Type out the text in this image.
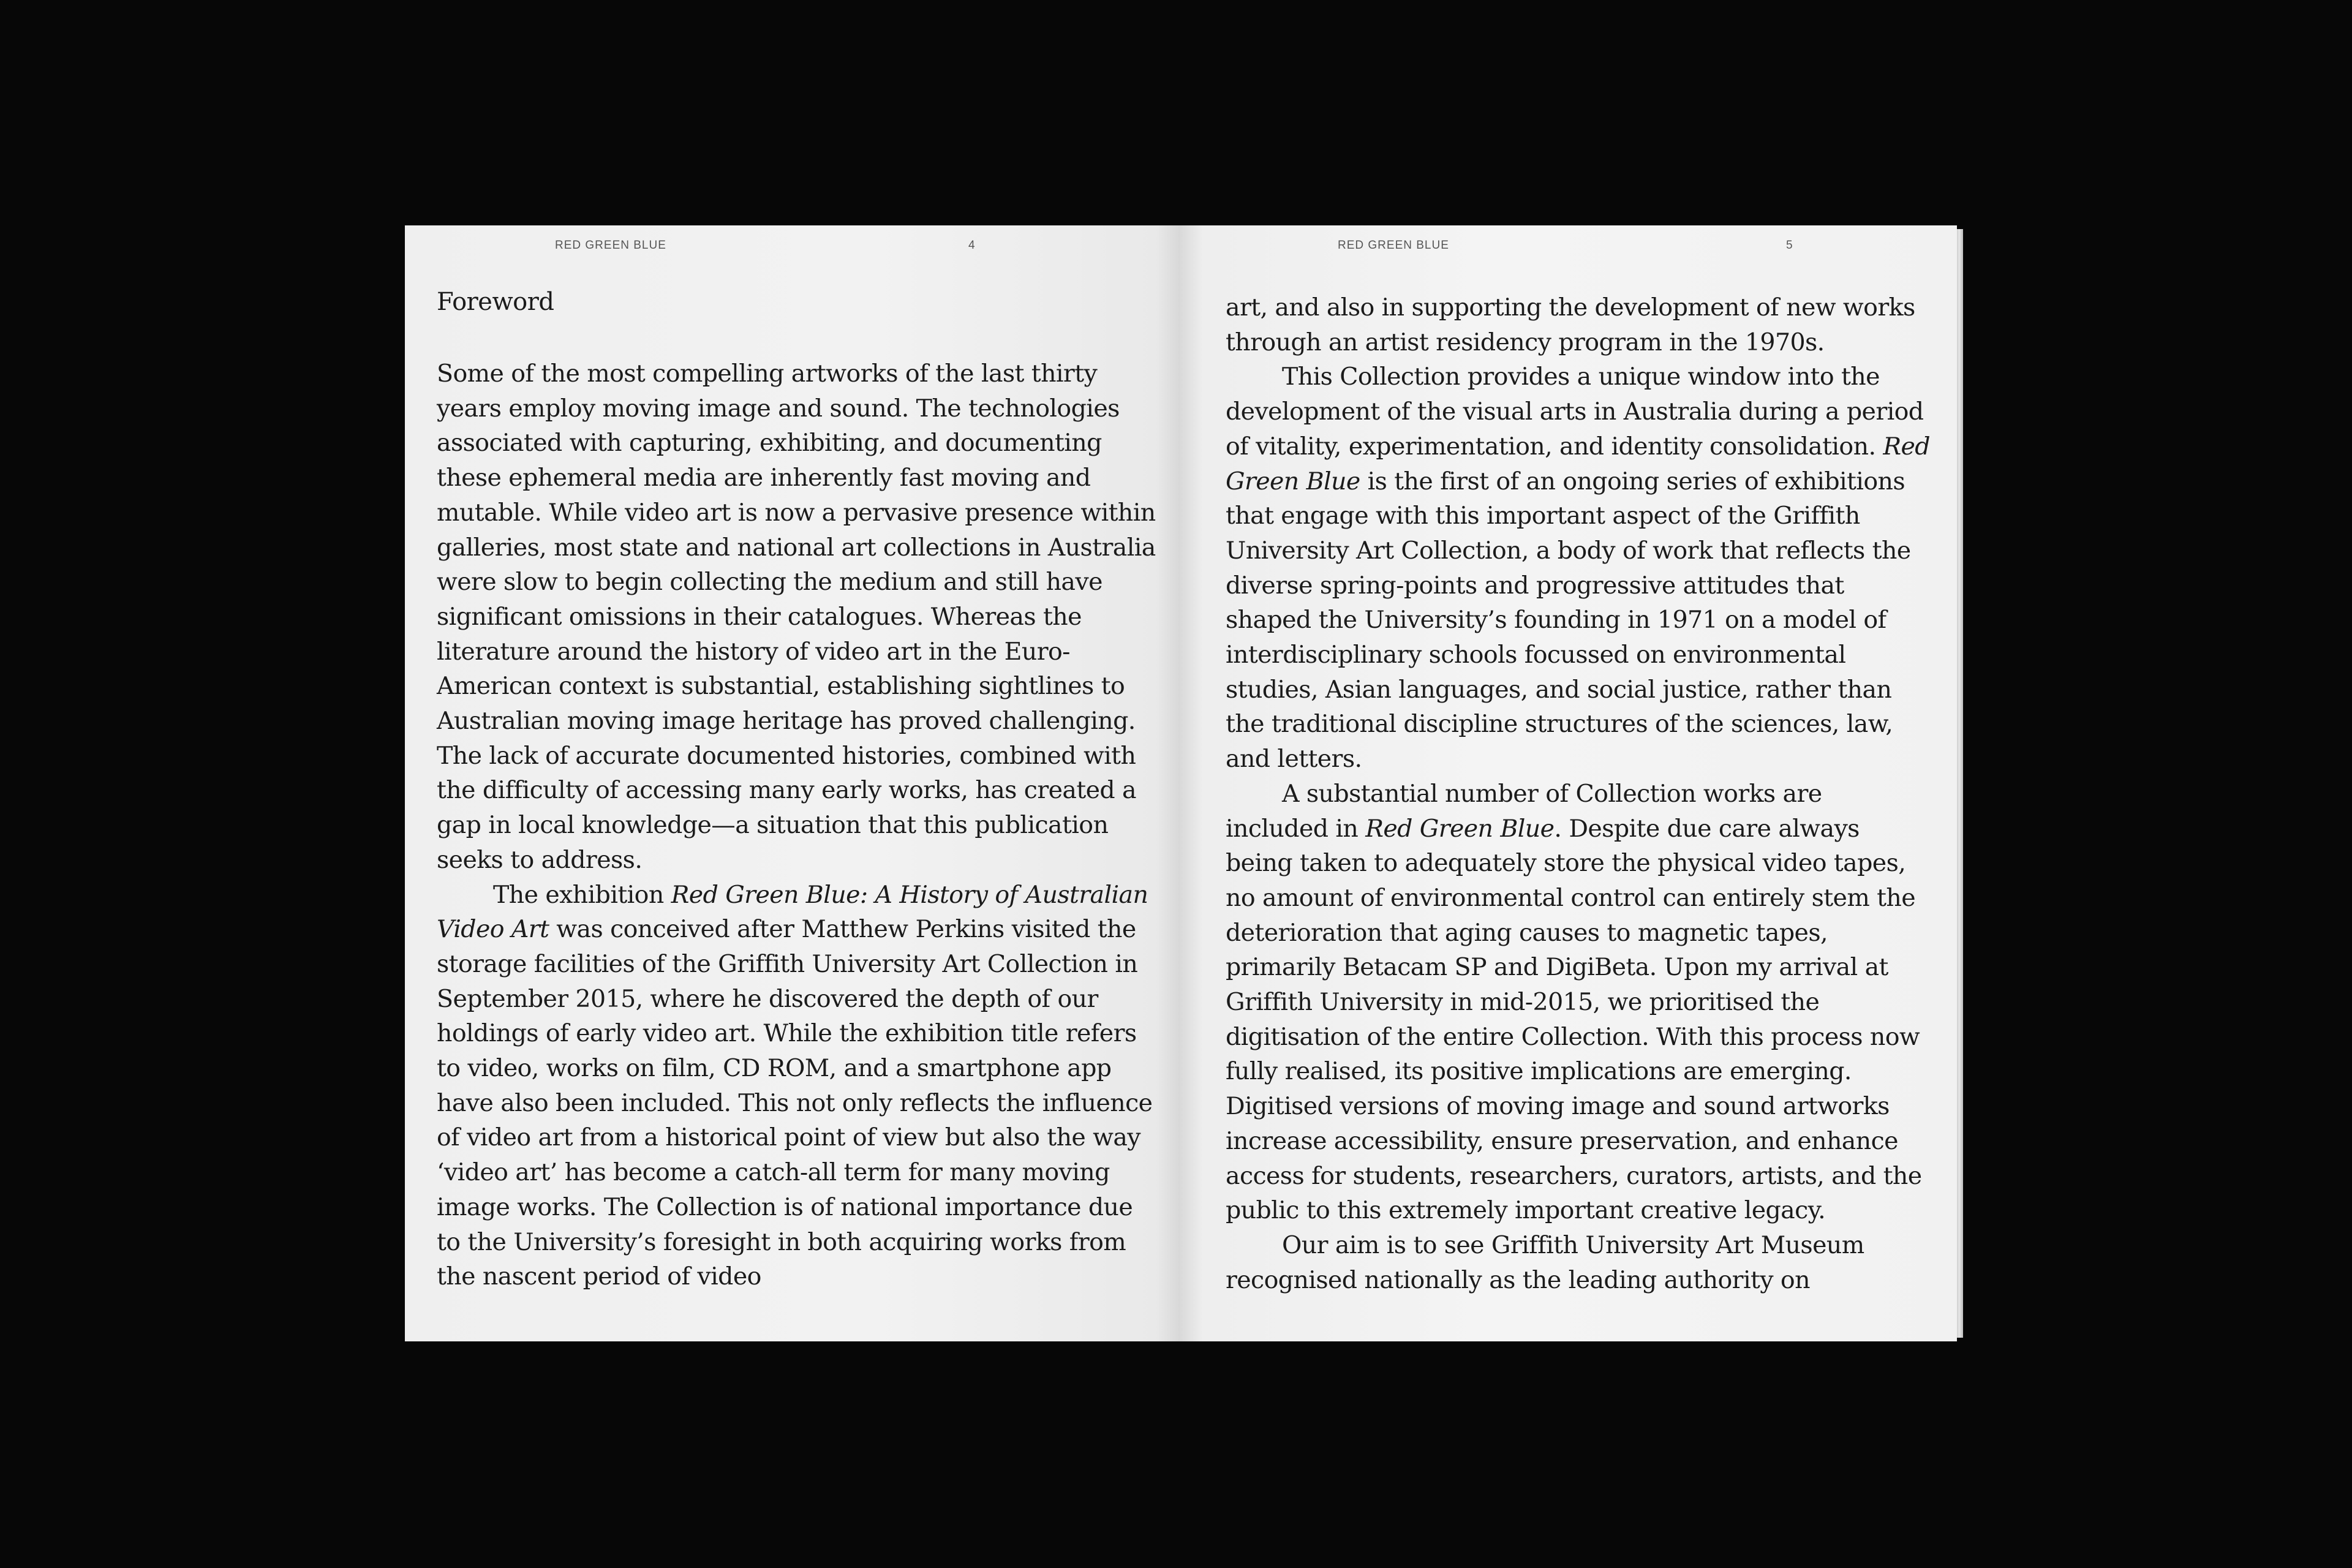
RED GREEN BLUE	4
Foreword

Some of the most compelling artworks of the last thirty years employ moving image and sound. The technologies associated with capturing, exhibiting, and documenting these ephemeral media are inherently fast moving and mutable. While video art is now a pervasive presence within galleries, most state and national art collections in Australia were slow to begin collecting the medium and still have significant omissions in their catalogues. Whereas the literature around the history of video art in the Euro-American context is substantial, establishing sightlines to Australian moving image heritage has proved challenging. The lack of accurate documented histories, combined with the difficulty of accessing many early works, has created a gap in local knowledge—a situation that this publication seeks to address.

The exhibition Red Green Blue: A History of Australian Video Art was conceived after Matthew Perkins visited the storage facilities of the Griffith University Art Collection in September 2015, where he discovered the depth of our holdings of early video art. While the exhibition title refers to video, works on film, CD ROM, and a smartphone app have also been included. This not only reflects the influence of video art from a historical point of view but also the way ‘video art’ has become a catch-all term for many moving image works. The Collection is of national importance due to the University’s foresight in both acquiring works from the nascent period of video

RED GREEN BLUE	5

art, and also in supporting the development of new works through an artist residency program in the 1970s.

This Collection provides a unique window into the development of the visual arts in Australia during a period of vitality, experimentation, and identity consolidation. Red Green Blue is the first of an ongoing series of exhibitions that engage with this important aspect of the Griffith University Art Collection, a body of work that reflects the diverse spring-points and progressive attitudes that shaped the University’s founding in 1971 on a model of interdisciplinary schools focussed on environmental studies, Asian languages, and social justice, rather than the traditional discipline structures of the sciences, law, and letters.

A substantial number of Collection works are included in Red Green Blue. Despite due care always being taken to adequately store the physical video tapes, no amount of environmental control can entirely stem the deterioration that aging causes to magnetic tapes, primarily Betacam SP and DigiBeta. Upon my arrival at Griffith University in mid-2015, we prioritised the digitisation of the entire Collection. With this process now fully realised, its positive implications are emerging. Digitised versions of moving image and sound artworks increase accessibility, ensure preservation, and enhance access for students, researchers, curators, artists, and the public to this extremely important creative legacy.

Our aim is to see Griffith University Art Museum recognised nationally as the leading authority on
